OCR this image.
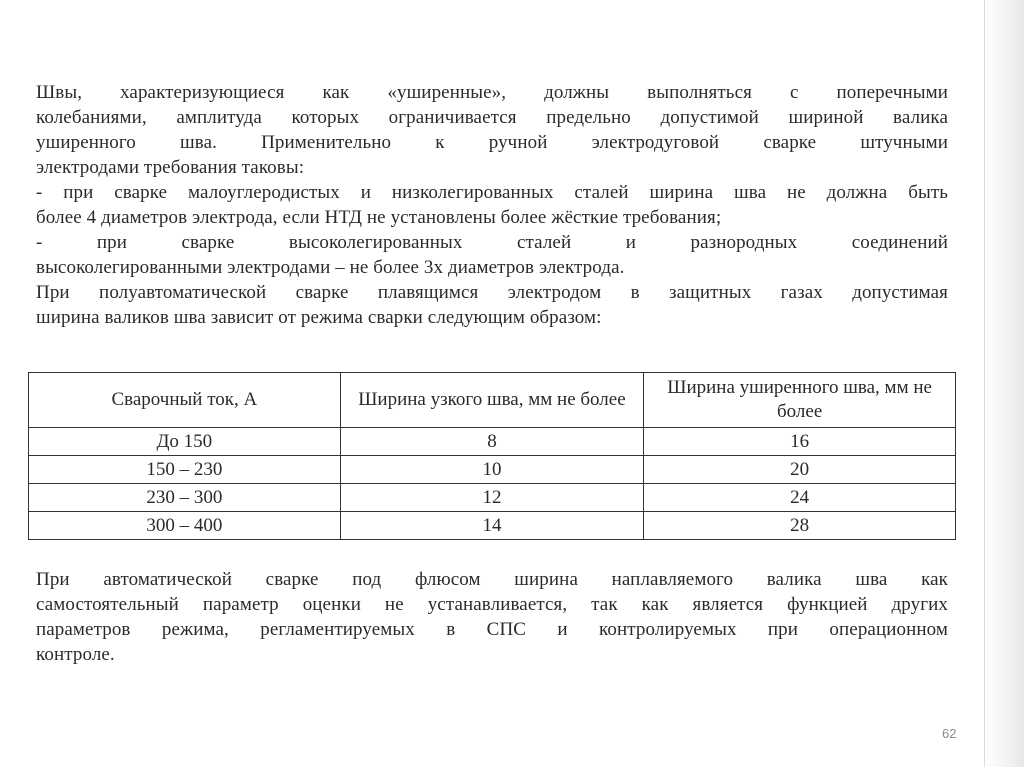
Швы, характеризующиеся как «уширенные», должны выполняться с поперечными
колебаниями, амплитуда которых ограничивается предельно допустимой шириной валика
уширенного шва. Применительно к ручной электродуговой сварке штучными
электродами требования таковы:
- при сварке малоуглеродистых и низколегированных сталей ширина шва не должна быть
более 4 диаметров электрода, если НТД не установлены более жёсткие требования;
- при сварке высоколегированных сталей и разнородных соединений
высоколегированными электродами – не более 3х диаметров электрода.
При полуавтоматической сварке плавящимся электродом в защитных газах допустимая
ширина валиков шва зависит от режима сварки следующим образом:
Сварочный ток, А	Ширина узкого шва, мм не более	Ширина уширенного шва, мм не более
До 150	8	16
150 – 230	10	20
230 – 300	12	24
300 – 400	14	28
При автоматической сварке под флюсом ширина наплавляемого валика шва как
самостоятельный параметр оценки не устанавливается, так как является функцией других
параметров режима, регламентируемых в СПС и контролируемых при операционном
контроле.
62
